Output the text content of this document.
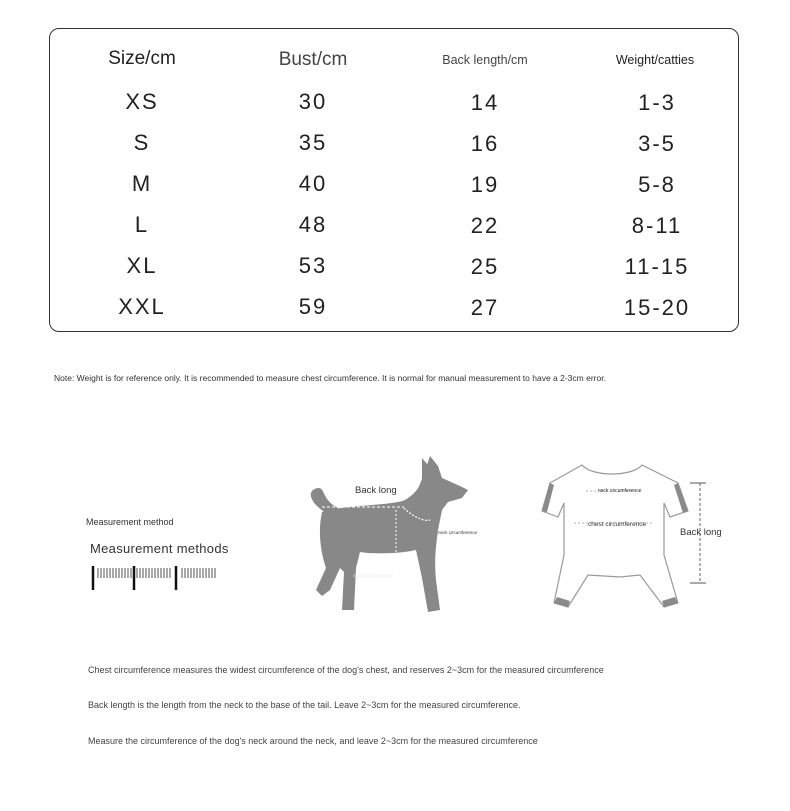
Size/cm	Bust/cm	Back length/cm	Weight/catties
XS	30	14	1-3
S	35	16	3-5
M	40	19	5-8
L	48	22	8-11
XL	53	25	11-15
XXL	59	27	15-20
Note: Weight is for reference only. It is recommended to measure chest circumference. It is normal for manual measurement to have a 2-3cm error.
Measurement method
Measurement methods
Back long
neck circumference
chest circumference
neck circumference
chest circumference
Back long
Chest circumference measures the widest circumference of the dog's chest, and reserves 2~3cm for the measured circumference
Back length is the length from the neck to the base of the tail. Leave 2~3cm for the measured circumference.
Measure the circumference of the dog's neck around the neck, and leave 2~3cm for the measured circumference
